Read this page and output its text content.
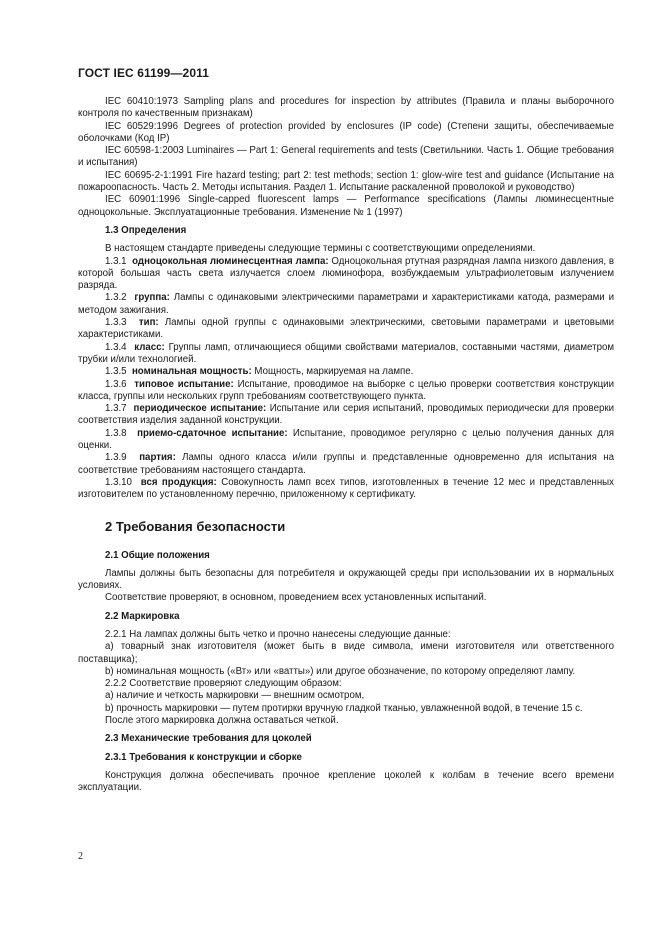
ГОСТ IEC 61199—2011

IEC 60410:1973 Sampling plans and procedures for inspection by attributes (Правила и планы выборочного контроля по качественным признакам)

IEC 60529:1996 Degrees of protection provided by enclosures (IP code) (Степени защиты, обеспечиваемые оболочками (Код IP)

IEC 60598-1:2003 Luminaires — Part 1: General requirements and tests (Светильники. Часть 1. Общие требования и испытания)

IEC 60695-2-1:1991 Fire hazard testing; part 2: test methods; section 1: glow-wire test and guidance (Испытание на пожароопасность. Часть 2. Методы испытания. Раздел 1. Испытание раскаленной проволокой и руководство)

IEC 60901:1996 Single-capped fluorescent lamps — Performance specifications (Лампы люминесцентные одноцокольные. Эксплуатационные требования. Изменение № 1 (1997)

1.3 Определения

В настоящем стандарте приведены следующие термины с соответствующими определениями.

1.3.1 одноцокольная люминесцентная лампа: Одноцокольная ртутная разрядная лампа низкого давления, в которой большая часть света излучается слоем люминофора, возбуждаемым ультрафиолетовым излучением разряда.

1.3.2 группа: Лампы с одинаковыми электрическими параметрами и характеристиками катода, размерами и методом зажигания.

1.3.3 тип: Лампы одной группы с одинаковыми электрическими, световыми параметрами и цветовыми характеристиками.

1.3.4 класс: Группы ламп, отличающиеся общими свойствами материалов, составными частями, диаметром трубки и/или технологией.

1.3.5 номинальная мощность: Мощность, маркируемая на лампе.

1.3.6 типовое испытание: Испытание, проводимое на выборке с целью проверки соответствия конструкции класса, группы или нескольких групп требованиям соответствующего пункта.

1.3.7 периодическое испытание: Испытание или серия испытаний, проводимых периодически для проверки соответствия изделия заданной конструкции.

1.3.8 приемо-сдаточное испытание: Испытание, проводимое регулярно с целью получения данных для оценки.

1.3.9 партия: Лампы одного класса и/или группы и представленные одновременно для испытания на соответствие требованиям настоящего стандарта.

1.3.10 вся продукция: Совокупность ламп всех типов, изготовленных в течение 12 мес и представленных изготовителем по установленному перечню, приложенному к сертификату.

2 Требования безопасности

2.1 Общие положения

Лампы должны быть безопасны для потребителя и окружающей среды при использовании их в нормальных условиях.

Соответствие проверяют, в основном, проведением всех установленных испытаний.

2.2 Маркировка

2.2.1 На лампах должны быть четко и прочно нанесены следующие данные:

а) товарный знак изготовителя (может быть в виде символа, имени изготовителя или ответственного поставщика);

b) номинальная мощность («Вт» или «ватты») или другое обозначение, по которому определяют лампу.

2.2.2 Соответствие проверяют следующим образом:

а) наличие и четкость маркировки — внешним осмотром,

b) прочность маркировки — путем протирки вручную гладкой тканью, увлажненной водой, в течение 15 с.

После этого маркировка должна оставаться четкой.

2.3 Механические требования для цоколей

2.3.1 Требования к конструкции и сборке

Конструкция должна обеспечивать прочное крепление цоколей к колбам в течение всего времени эксплуатации.

2
